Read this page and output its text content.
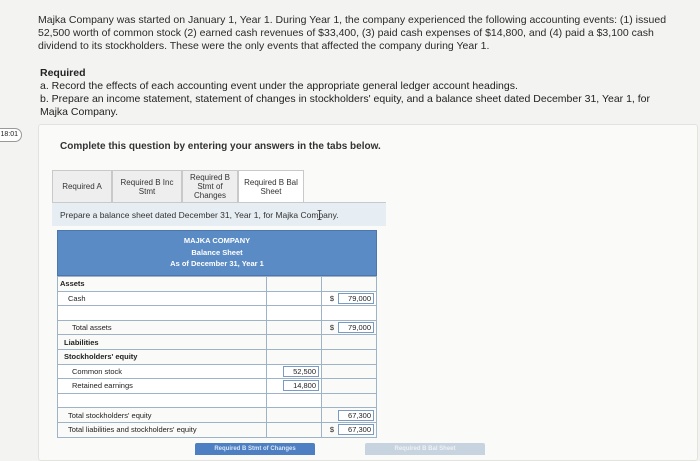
Majka Company was started on January 1, Year 1. During Year 1, the company experienced the following accounting events: (1) issued 52,500 worth of common stock (2) earned cash revenues of $33,400, (3) paid cash expenses of $14,800, and (4) paid a $3,100 cash dividend to its stockholders. These were the only events that affected the company during Year 1.
Required
a. Record the effects of each accounting event under the appropriate general ledger account headings.
b. Prepare an income statement, statement of changes in stockholders' equity, and a balance sheet dated December 31, Year 1, for Majka Company.
18:01
Complete this question by entering your answers in the tabs below.
Required A	Required B Inc Stmt
Required B Stmt of Changes
Required B Bal Sheet
Prepare a balance sheet dated December 31, Year 1, for Majka Company.
MAJKA COMPANY
Balance Sheet
As of December 31, Year 1
Assets		
Cash		$ 79,000

Total assets		$ 79,000

Liabilities		
Stockholders' equity		
Common stock	52,500	
Retained earnings	14,800	

Total stockholders' equity		67,300
Total liabilities and stockholders' equity		$ 67,300
Required B Stmt of Changes	Required B Bal Sheet
